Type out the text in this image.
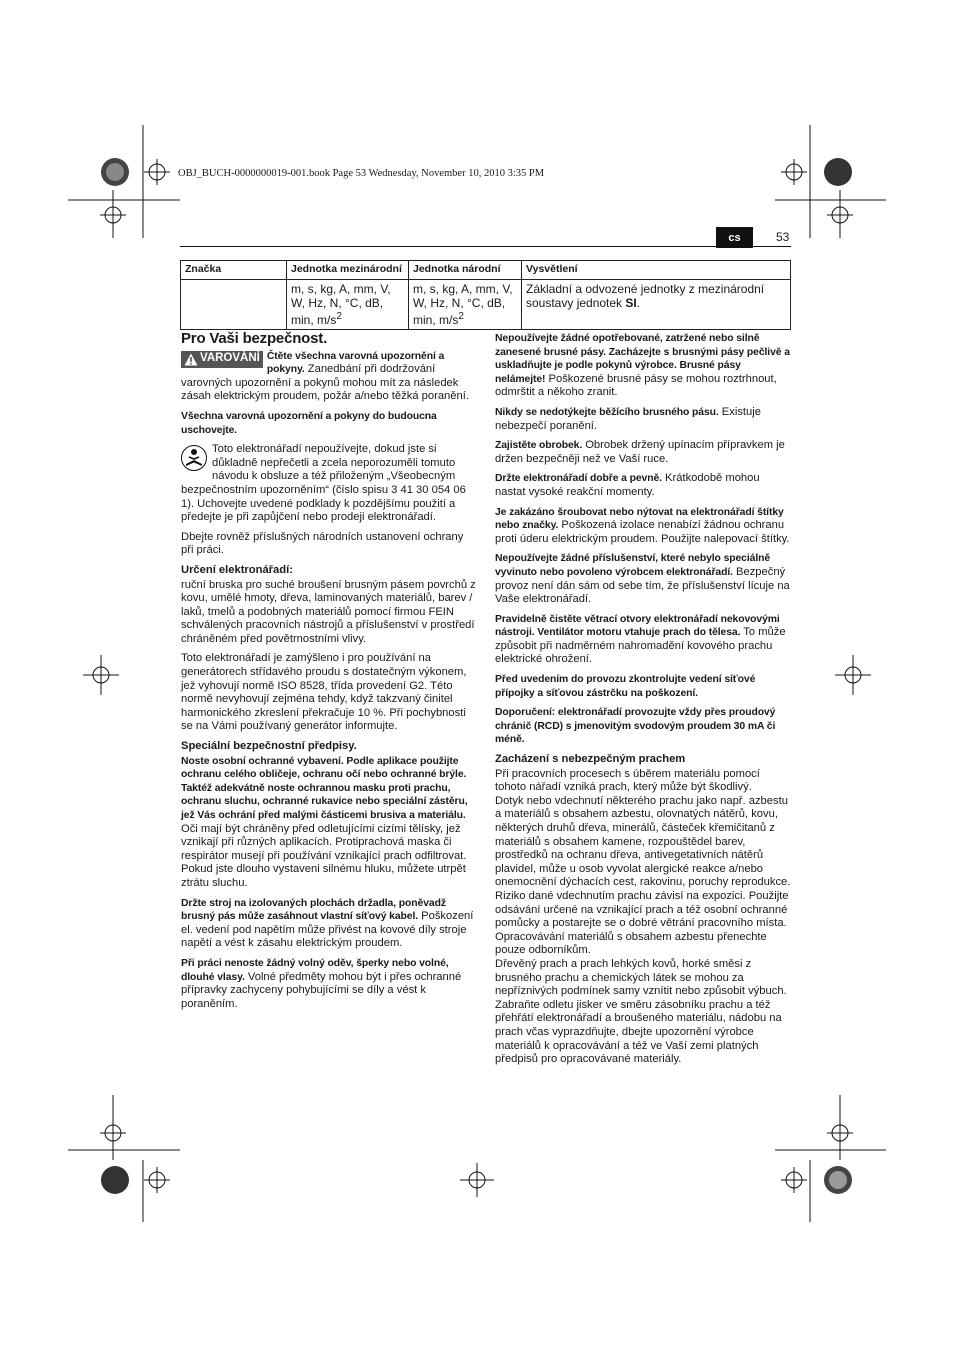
OBJ_BUCH-0000000019-001.book Page 53 Wednesday, November 10, 2010 3:35 PM
cs	53
Značka	Jednotka mezinárodní	Jednotka národní	Vysvětlení
	m, s, kg, A, mm, V, W, Hz, N, °C, dB, min, $m/s^2$	m, s, kg, A, mm, V, W, Hz, N, °C, dB, min, $m/s^2$	Základní a odvozené jednotky z mezinárodní soustavy jednotek SI.
Pro Vaši bezpečnost.

VAROVÁNÍ Čtěte všechna varovná upozornění a pokyny. Zanedbání při dodržování varovných upozornění a pokynů mohou mít za následek zásah elektrickým proudem, požár a/nebo těžká poranění.

Všechna varovná upozornění a pokyny do budoucna uschovejte.

Toto elektronářadí nepoužívejte, dokud jste si důkladně nepřečetli a zcela neporozuměli tomuto návodu k obsluze a též přiloženým „Všeobecným bezpečnostním upozorněním“ (číslo spisu 3 41 30 054 06 1). Uchovejte uvedené podklady k pozdějšímu použití a předejte je při zapůjčení nebo prodeji elektronářadí.

Dbejte rovněž příslušných národních ustanovení ochrany při práci.

Určení elektronářadí:

ruční bruska pro suché broušení brusným pásem povrchů z kovu, umělé hmoty, dřeva, laminovaných materiálů, barev / laků, tmelů a podobných materiálů pomocí firmou FEIN schválených pracovních nástrojů a příslušenství v prostředí chráněném před povětrnostními vlivy.

Toto elektronářadí je zamýšleno i pro používání na generátorech střídavého proudu s dostatečným výkonem, jež vyhovují normě ISO 8528, třída provedení G2. Této normě nevyhovují zejména tehdy, když takzvaný činitel harmonického zkreslení překračuje 10 %. Při pochybnosti se na Vámi používaný generátor informujte.

Speciální bezpečnostní předpisy.

Noste osobní ochranné vybavení. Podle aplikace použijte ochranu celého obličeje, ochranu očí nebo ochranné brýle. Taktéž adekvátně noste ochrannou masku proti prachu, ochranu sluchu, ochranné rukavice nebo speciální zástěru, jež Vás ochrání před malými částicemi brusiva a materiálu. Oči mají být chráněny před odletujícími cizími tělísky, jež vznikají při různých aplikacích. Protiprachová maska či respirátor musejí při používání vznikající prach odfiltrovat. Pokud jste dlouho vystaveni silnému hluku, můžete utrpět ztrátu sluchu.

Držte stroj na izolovaných plochách držadla, poněvadž brusný pás může zasáhnout vlastní síťový kabel. Poškození el. vedení pod napětím může přivést na kovové díly stroje napětí a vést k zásahu elektrickým proudem.

Při práci nenoste žádný volný oděv, šperky nebo volné, dlouhé vlasy. Volné předměty mohou být i přes ochranné přípravky zachyceny pohybujícími se díly a vést k poraněním.

Nepoužívejte žádné opotřebované, zatržené nebo silně zanesené brusné pásy. Zacházejte s brusnými pásy pečlivě a uskladňujte je podle pokynů výrobce. Brusné pásy nelámejte! Poškozené brusné pásy se mohou roztrhnout, odmrštit a někoho zranit.

Nikdy se nedotýkejte běžícího brusného pásu. Existuje nebezpečí poranění.

Zajistěte obrobek. Obrobek držený upínacím přípravkem je držen bezpečněji než ve Vaší ruce.

Držte elektronářadí dobře a pevně. Krátkodobě mohou nastat vysoké reakční momenty.

Je zakázáno šroubovat nebo nýtovat na elektronářadí štítky nebo značky. Poškozená izolace nenabízí žádnou ochranu proti úderu elektrickým proudem. Použijte nalepovací štítky.

Nepoužívejte žádné příslušenství, které nebylo speciálně vyvinuto nebo povoleno výrobcem elektronářadí. Bezpečný provoz není dán sám od sebe tím, že příslušenství lícuje na Vaše elektronářadí.

Pravidelně čistěte větrací otvory elektronářadí nekovovými nástroji. Ventilátor motoru vtahuje prach do tělesa. To může způsobit při nadměrném nahromadění kovového prachu elektrické ohrožení.

Před uvedením do provozu zkontrolujte vedení síťové přípojky a síťovou zástrčku na poškození.

Doporučení: elektronářadí provozujte vždy přes proudový chránič (RCD) s jmenovitým svodovým proudem 30 mA či méně.

Zacházení s nebezpečným prachem

Při pracovních procesech s úběrem materiálu pomocí tohoto nářadí vzniká prach, který může být škodlivý.

Dotyk nebo vdechnutí některého prachu jako např. azbestu a materiálů s obsahem azbestu, olovnatých nátěrů, kovu, některých druhů dřeva, minerálů, částeček křemičitanů z materiálů s obsahem kamene, rozpouštědel barev, prostředků na ochranu dřeva, antivegetativních nátěrů plavidel, může u osob vyvolat alergické reakce a/nebo onemocnění dýchacích cest, rakovinu, poruchy reprodukce. Riziko dané vdechnutím prachu závisí na expozici. Použijte odsávání určené na vznikající prach a též osobní ochranné pomůcky a postarejte se o dobré větrání pracovního místa. Opracovávání materiálů s obsahem azbestu přenechte pouze odborníkům.

Dřevěný prach a prach lehkých kovů, horké směsi z brusného prachu a chemických látek se mohou za nepříznivých podmínek samy vznítit nebo způsobit výbuch. Zabraňte odletu jisker ve směru zásobníku prachu a též přehřátí elektronářadí a broušeného materiálu, nádobu na prach včas vyprazdňujte, dbejte upozornění výrobce materiálů k opracovávání a též ve Vaší zemi platných předpisů pro opracovávané materiály.
